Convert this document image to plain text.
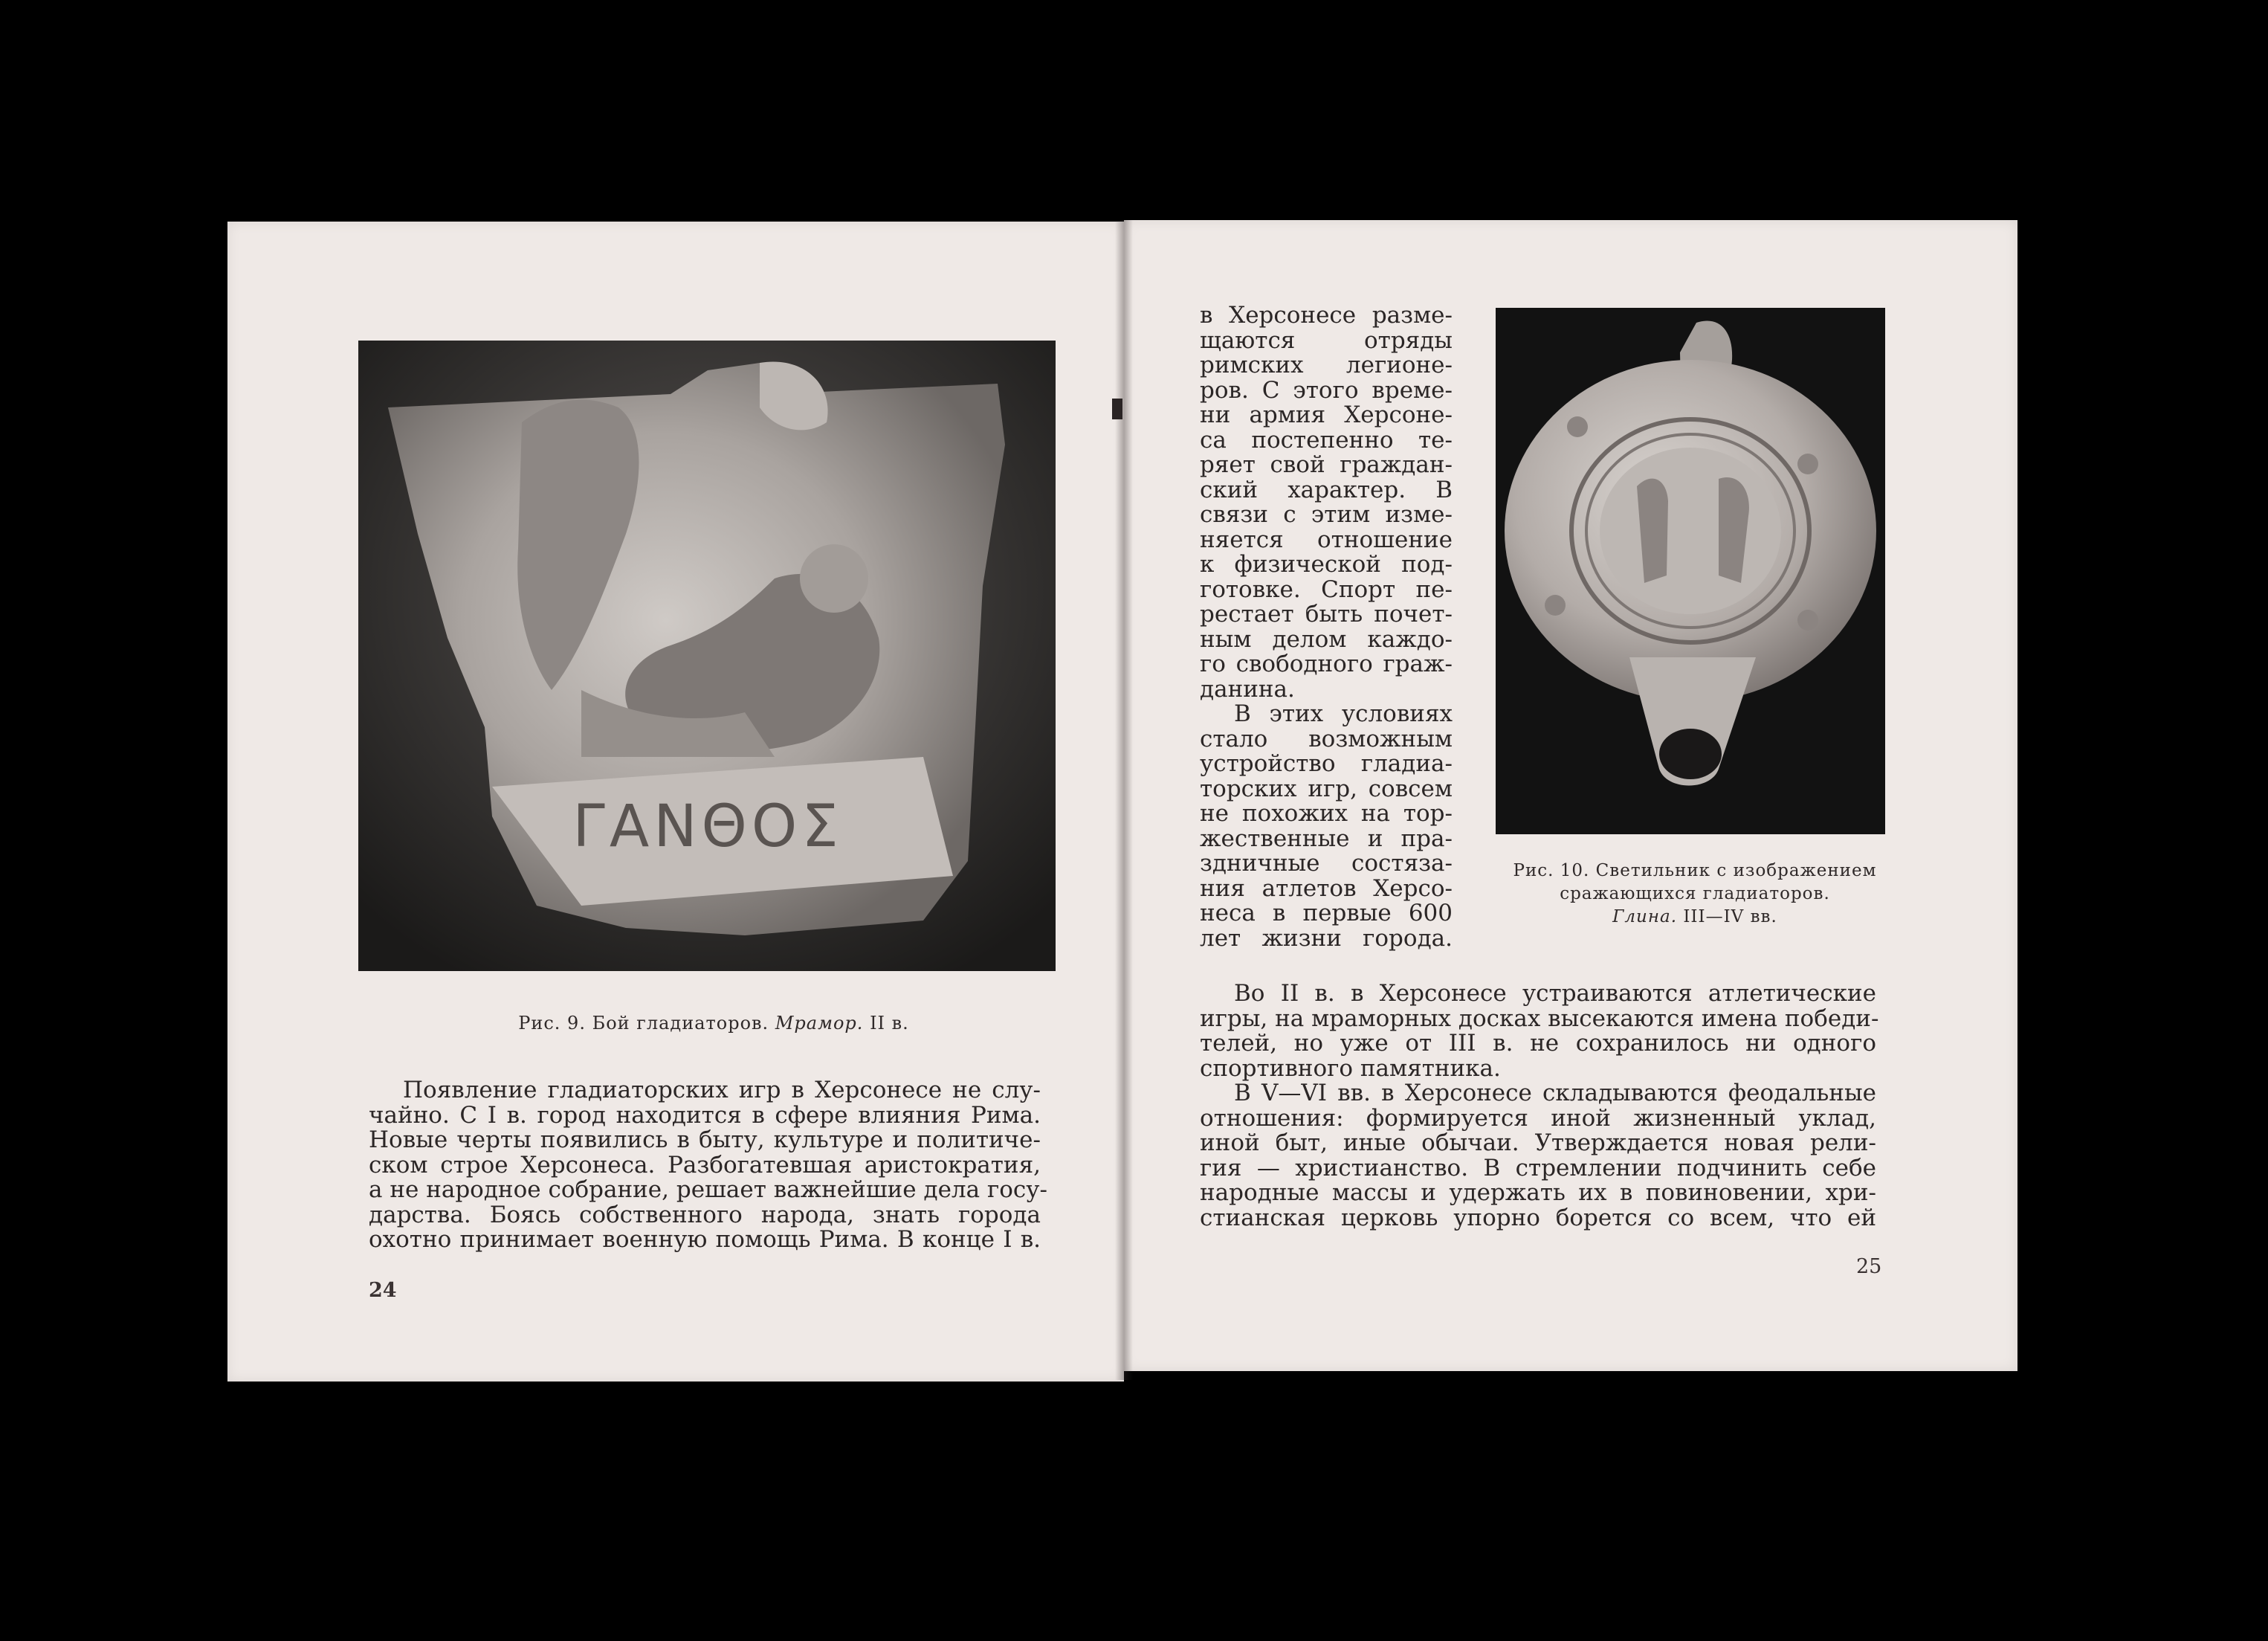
ΓΑΝΘΟΣ
Рис. 9. Бой гладиаторов. Мрамор. II в.
Появление гладиаторских игр в Херсонесе не слу-
чайно. С I в. город находится в сфере влияния Рима.
Новые черты появились в быту, культуре и политиче-
ском строе Херсонеса. Разбогатевшая аристократия,
а не народное собрание, решает важнейшие дела госу-
дарства. Боясь собственного народа, знать города
охотно принимает военную помощь Рима. В конце I в.
24
в Херсонесе разме-
щаются отряды
римских легионе-
ров. С этого време-
ни армия Херсоне-
са постепенно те-
ряет свой граждан-
ский характер. В
связи с этим изме-
няется отношение
к физической под-
готовке. Спорт пе-
рестает быть почет-
ным делом каждо-
го свободного граж-
данина.
В этих условиях
стало возможным
устройство гладиа-
торских игр, совсем
не похожих на тор-
жественные и пра-
здничные состяза-
ния атлетов Херсо-
неса в первые 600
лет жизни города.
Рис. 10. Светильник с изображением
сражающихся гладиаторов.
Глина. III—IV вв.
Во II в. в Херсонесе устраиваются атлетические
игры, на мраморных досках высекаются имена победи-
телей, но уже от III в. не сохранилось ни одного
спортивного памятника.
В V—VI вв. в Херсонесе складываются феодальные
отношения: формируется иной жизненный уклад,
иной быт, иные обычаи. Утверждается новая рели-
гия — христианство. В стремлении подчинить себе
народные массы и удержать их в повиновении, хри-
стианская церковь упорно борется со всем, что ей
25
